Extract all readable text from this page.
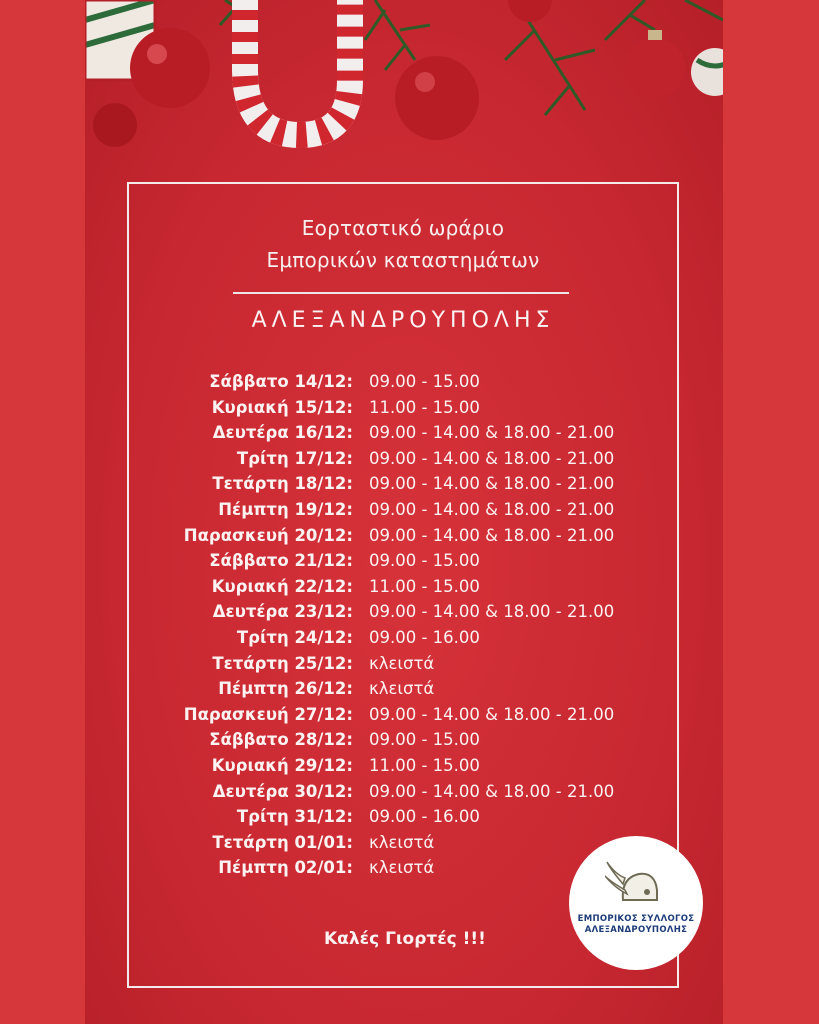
Εορταστικό ωράριο
Εμπορικών καταστημάτων
ΑΛΕΞΑΝΔΡΟΥΠΟΛΗΣ
Σάββατο 14/12: 09.00 - 15.00
Κυριακή 15/12: 11.00 - 15.00
Δευτέρα 16/12: 09.00 - 14.00 & 18.00 - 21.00
Τρίτη 17/12: 09.00 - 14.00 & 18.00 - 21.00
Τετάρτη 18/12: 09.00 - 14.00 & 18.00 - 21.00
Πέμπτη 19/12: 09.00 - 14.00 & 18.00 - 21.00
Παρασκευή 20/12: 09.00 - 14.00 & 18.00 - 21.00
Σάββατο 21/12: 09.00 - 15.00
Κυριακή 22/12: 11.00 - 15.00
Δευτέρα 23/12: 09.00 - 14.00 & 18.00 - 21.00
Τρίτη 24/12: 09.00 - 16.00
Τετάρτη 25/12: κλειστά
Πέμπτη 26/12: κλειστά
Παρασκευή 27/12: 09.00 - 14.00 & 18.00 - 21.00
Σάββατο 28/12: 09.00 - 15.00
Κυριακή 29/12: 11.00 - 15.00
Δευτέρα 30/12: 09.00 - 14.00 & 18.00 - 21.00
Τρίτη 31/12: 09.00 - 16.00
Τετάρτη 01/01: κλειστά
Πέμπτη 02/01: κλειστά
Καλές Γιορτές !!!
ΕΜΠΟΡΙΚΟΣ ΣΥΛΛΟΓΟΣ
ΑΛΕΞΑΝΔΡΟΥΠΟΛΗΣ
